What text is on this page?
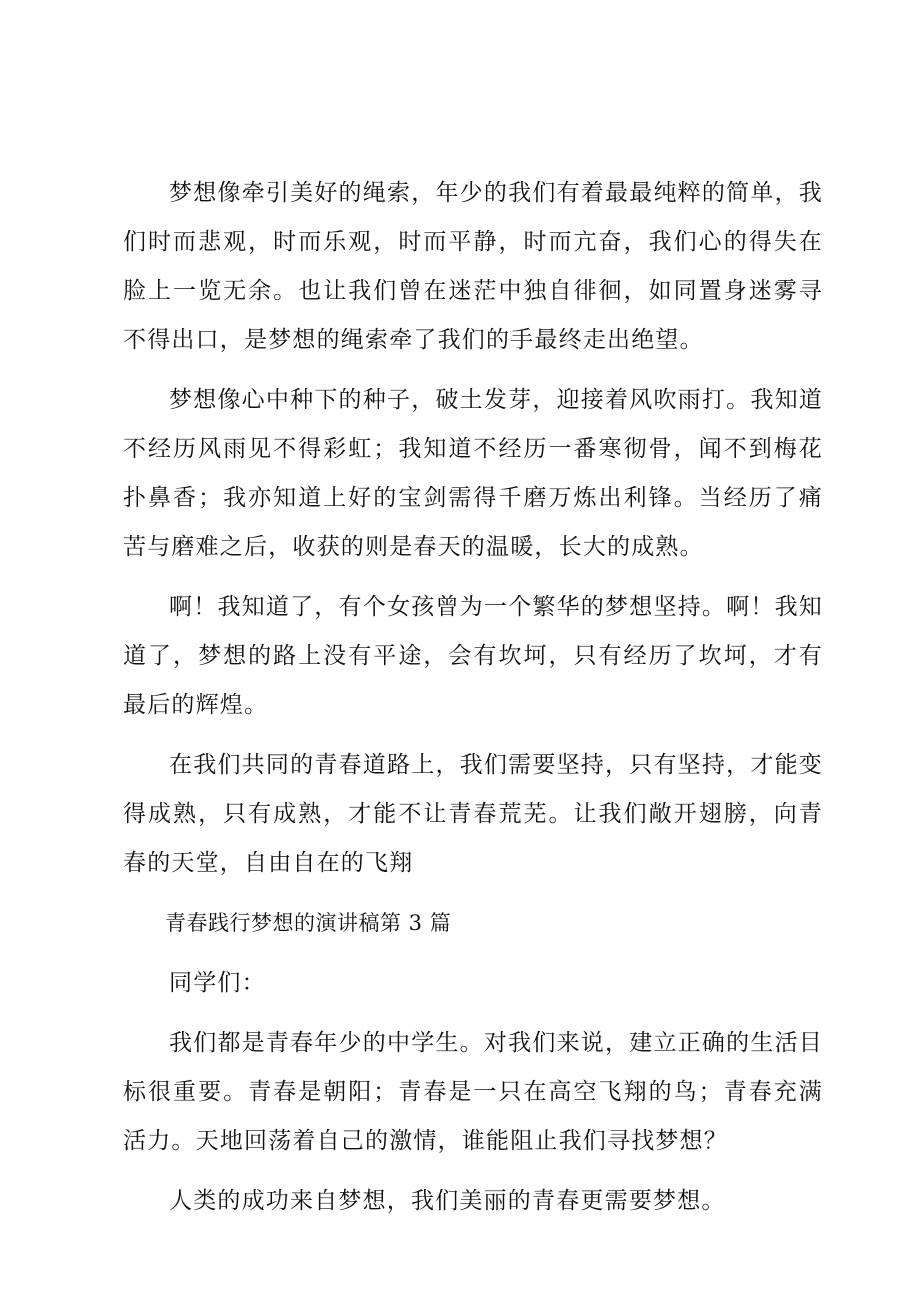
梦想像牵引美好的绳索，年少的我们有着最最纯粹的简单，我们时而悲观，时而乐观，时而平静，时而亢奋，我们心的得失在脸上一览无余。也让我们曾在迷茫中独自徘徊，如同置身迷雾寻不得出口，是梦想的绳索牵了我们的手最终走出绝望。

梦想像心中种下的种子，破土发芽，迎接着风吹雨打。我知道不经历风雨见不得彩虹；我知道不经历一番寒彻骨，闻不到梅花扑鼻香；我亦知道上好的宝剑需得千磨万炼出利锋。当经历了痛苦与磨难之后，收获的则是春天的温暖，长大的成熟。

啊！我知道了，有个女孩曾为一个繁华的梦想坚持。啊！我知道了，梦想的路上没有平途，会有坎坷，只有经历了坎坷，才有最后的辉煌。

在我们共同的青春道路上，我们需要坚持，只有坚持，才能变得成熟，只有成熟，才能不让青春荒芜。让我们敞开翅膀，向青春的天堂，自由自在的飞翔

青春践行梦想的演讲稿第 3 篇

同学们：

我们都是青春年少的中学生。对我们来说，建立正确的生活目标很重要。青春是朝阳；青春是一只在高空飞翔的鸟；青春充满活力。天地回荡着自己的激情，谁能阻止我们寻找梦想？

人类的成功来自梦想，我们美丽的青春更需要梦想。
